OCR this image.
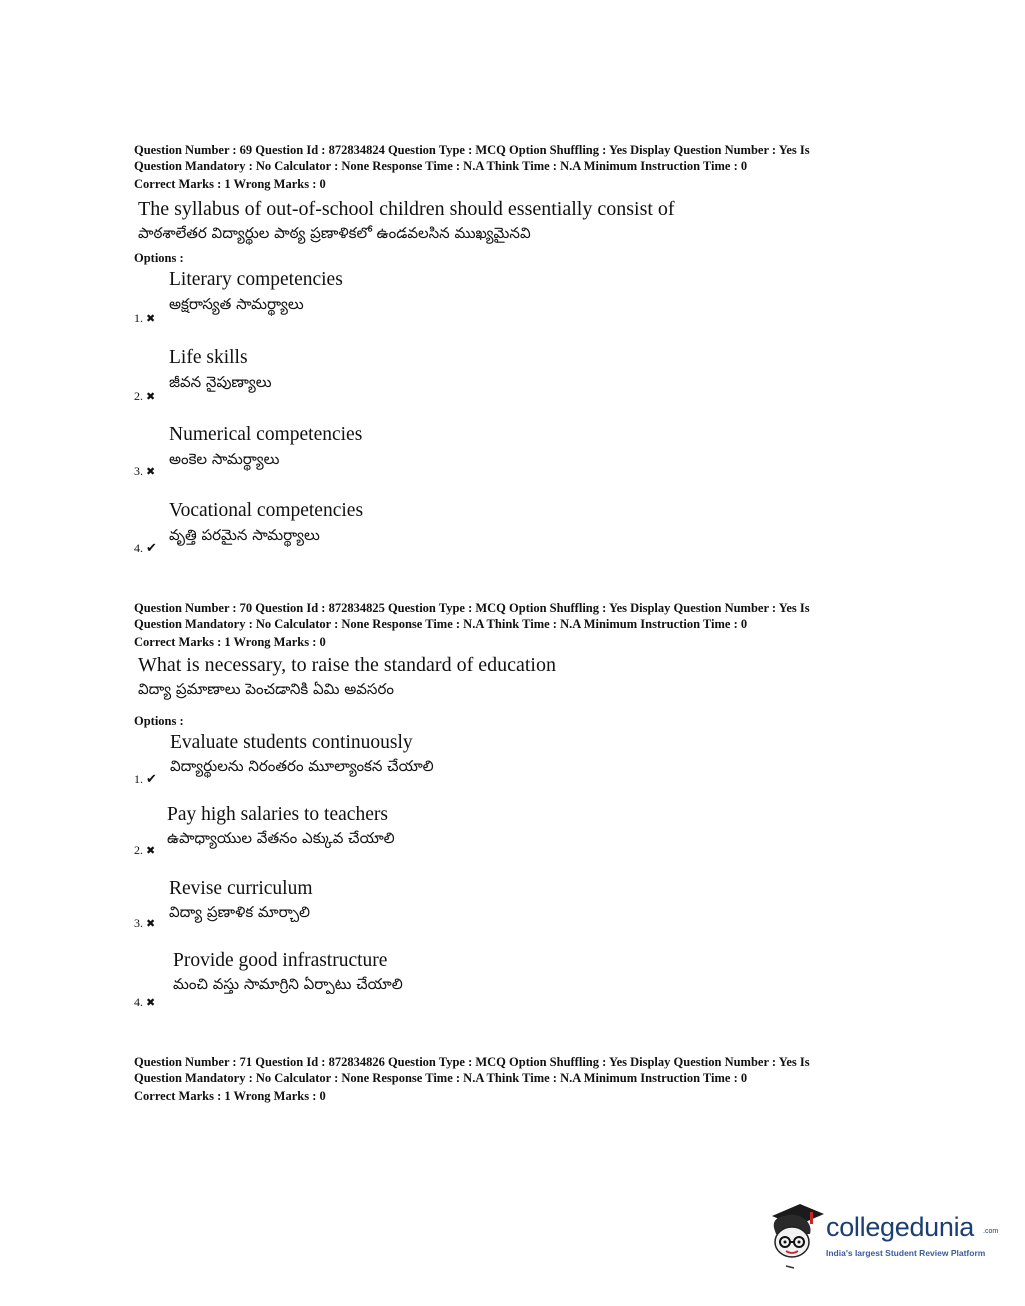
Question Number : 69 Question Id : 872834824 Question Type : MCQ Option Shuffling : Yes Display Question Number : Yes Is
Question Mandatory : No Calculator : None Response Time : N.A Think Time : N.A Minimum Instruction Time : 0
Correct Marks : 1 Wrong Marks : 0
The syllabus of out-of-school children should essentially consist of
పాఠశాలేతర విద్యార్థుల పాఠ్య ప్రణాళికలో ఉండవలసిన ముఖ్యమైనవి
Options :
Literary competencies
అక్షరాస్యత సామర్థ్యాలు
1. ✖
Life skills
జీవన నైపుణ్యాలు
2. ✖
Numerical competencies
అంకెల సామర్థ్యాలు
3. ✖
Vocational competencies
వృత్తి పరమైన సామర్థ్యాలు
4. ✔
Question Number : 70 Question Id : 872834825 Question Type : MCQ Option Shuffling : Yes Display Question Number : Yes Is
Question Mandatory : No Calculator : None Response Time : N.A Think Time : N.A Minimum Instruction Time : 0
Correct Marks : 1 Wrong Marks : 0
What is necessary, to raise the standard of education
విద్యా ప్రమాణాలు పెంచడానికి ఏమి అవసరం
Options :
Evaluate students continuously
విద్యార్థులను నిరంతరం మూల్యాంకన చేయాలి
1. ✔
Pay high salaries to teachers
ఉపాధ్యాయుల వేతనం ఎక్కువ చేయాలి
2. ✖
Revise curriculum
విద్యా ప్రణాళిక మార్చాలి
3. ✖
Provide good infrastructure
మంచి వస్తు సామాగ్రిని ఏర్పాటు చేయాలి
4. ✖
Question Number : 71 Question Id : 872834826 Question Type : MCQ Option Shuffling : Yes Display Question Number : Yes Is
Question Mandatory : No Calculator : None Response Time : N.A Think Time : N.A Minimum Instruction Time : 0
Correct Marks : 1 Wrong Marks : 0
collegedunia .com
India's largest Student Review Platform
